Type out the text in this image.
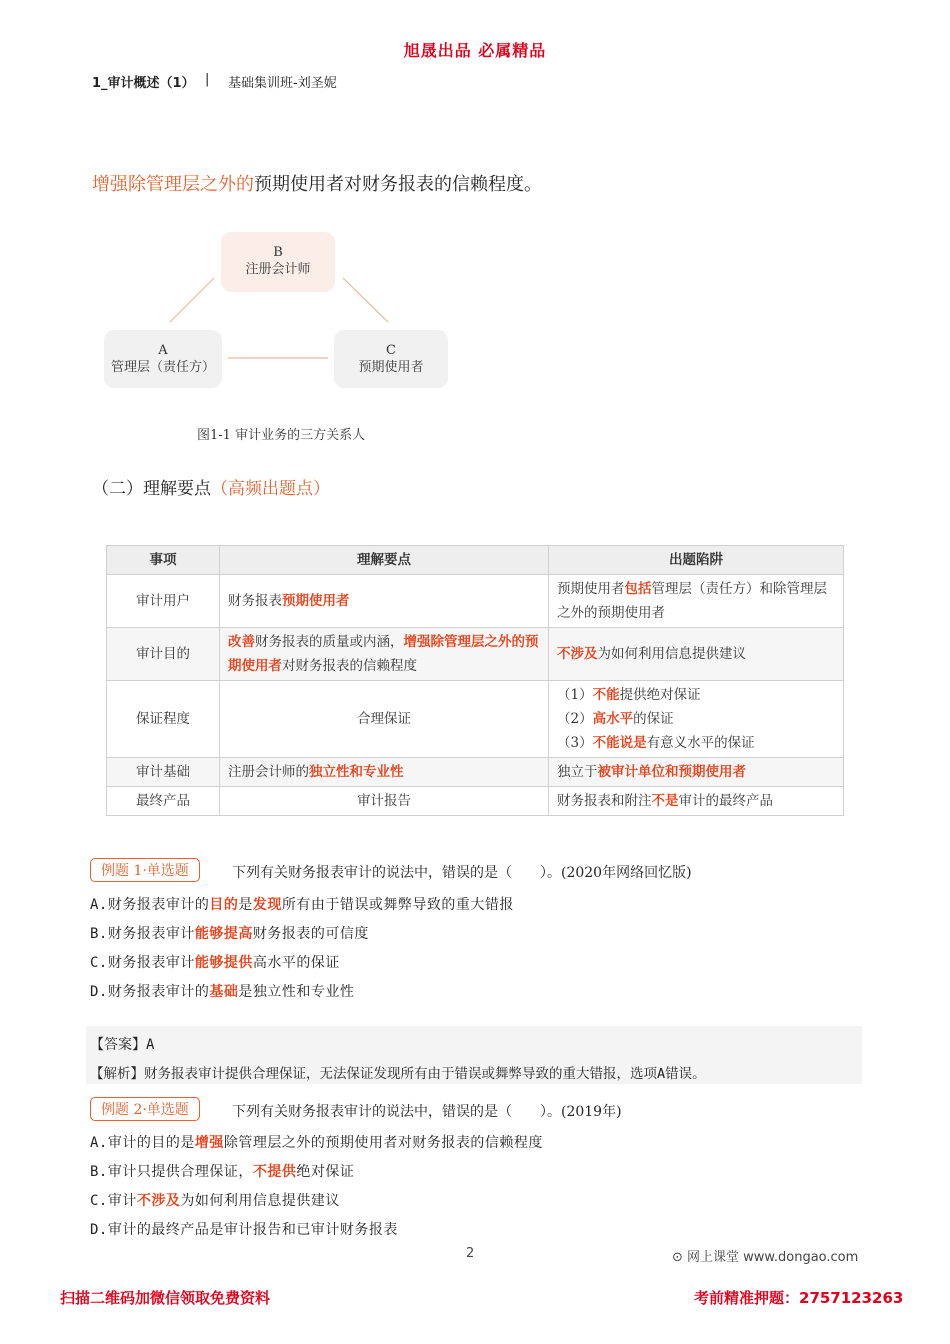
旭晟出品 必属精品
1_审计概述（1） | 基础集训班-刘圣妮
增强除管理层之外的预期使用者对财务报表的信赖程度。
B
注册会计师
A
管理层（责任方）
C
预期使用者
图1-1 审计业务的三方关系人
（二）理解要点（高频出题点）
事项	理解要点	出题陷阱
审计用户	财务报表预期使用者	预期使用者包括管理层（责任方）和除管理层之外的预期使用者
审计目的	改善财务报表的质量或内涵，增强除管理层之外的预期使用者对财务报表的信赖程度	不涉及为如何利用信息提供建议
保证程度	合理保证	（1）不能提供绝对保证
（2）高水平的保证
（3）不能说是有意义水平的保证

审计基础	注册会计师的独立性和专业性	独立于被审计单位和预期使用者
最终产品	审计报告	财务报表和附注不是审计的最终产品
例题 1·单选题	下列有关财务报表审计的说法中，错误的是（　　）。(2020年网络回忆版)
A.财务报表审计的目的是发现所有由于错误或舞弊导致的重大错报
B.财务报表审计能够提高财务报表的可信度
C.财务报表审计能够提供高水平的保证
D.财务报表审计的基础是独立性和专业性
【答案】A
【解析】财务报表审计提供合理保证，无法保证发现所有由于错误或舞弊导致的重大错报，选项A错误。
例题 2·单选题	下列有关财务报表审计的说法中，错误的是（　　）。(2019年)
A.审计的目的是增强除管理层之外的预期使用者对财务报表的信赖程度
B.审计只提供合理保证，不提供绝对保证
C.审计不涉及为如何利用信息提供建议
D.审计的最终产品是审计报告和已审计财务报表
2	⊙ 网上课堂 www.dongao.com
扫描二维码加微信领取免费资料	考前精准押题：2757123263
